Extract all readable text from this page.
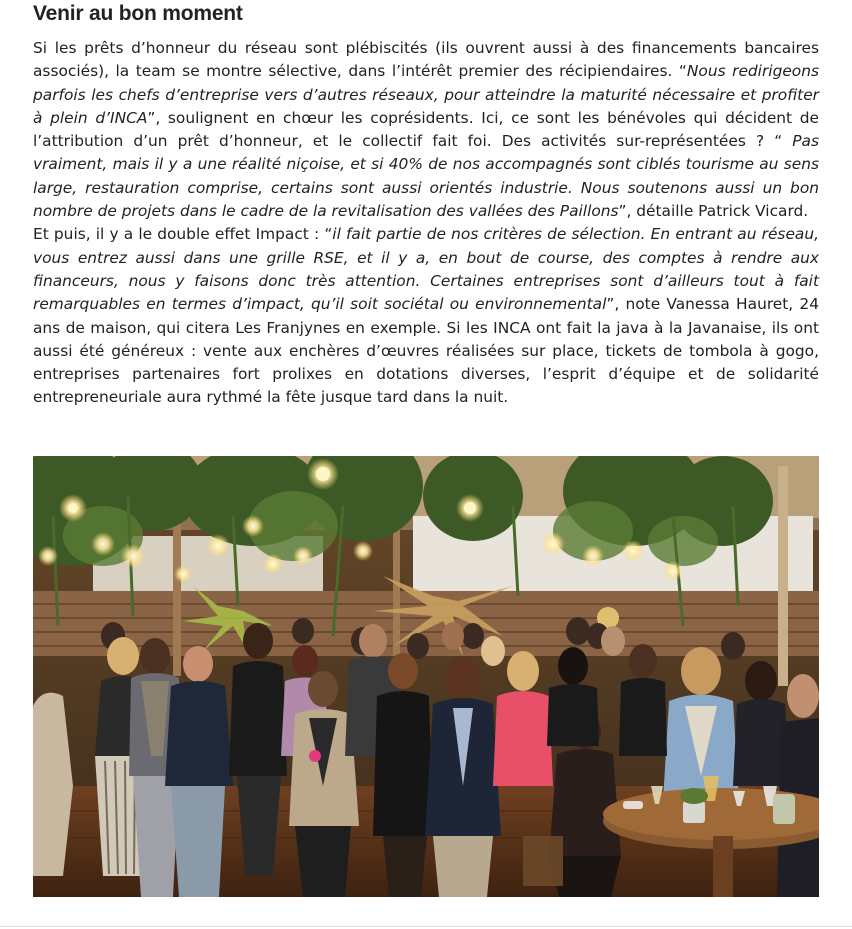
Venir au bon moment

Si les prêts d’honneur du réseau sont plébiscités (ils ouvrent aussi à des financements bancaires associés), la team se montre sélective, dans l’intérêt premier des récipiendaires. “Nous redirigeons parfois les chefs d’entreprise vers d’autres réseaux, pour atteindre la maturité nécessaire et profiter à plein d’INCA”, soulignent en chœur les coprésidents. Ici, ce sont les bénévoles qui décident de l’attribution d’un prêt d’honneur, et le collectif fait foi. Des activités sur-représentées ? “ Pas vraiment, mais il y a une réalité niçoise, et si 40% de nos accompagnés sont ciblés tourisme au sens large, restauration comprise, certains sont aussi orientés industrie. Nous soutenons aussi un bon nombre de projets dans le cadre de la revitalisation des vallées des Paillons”, détaille Patrick Vicard.

Et puis, il y a le double effet Impact : “il fait partie de nos critères de sélection. En entrant au réseau, vous entrez aussi dans une grille RSE, et il y a, en bout de course, des comptes à rendre aux financeurs, nous y faisons donc très attention. Certaines entreprises sont d’ailleurs tout à fait remarquables en termes d’impact, qu’il soit sociétal ou environnemental”, note Vanessa Hauret, 24 ans de maison, qui citera Les Franjynes en exemple. Si les INCA ont fait la java à la Javanaise, ils ont aussi été généreux : vente aux enchères d’œuvres réalisées sur place, tickets de tombola à gogo, entreprises partenaires fort prolixes en dotations diverses, l’esprit d’équipe et de solidarité entrepreneuriale aura rythmé la fête jusque tard dans la nuit.
